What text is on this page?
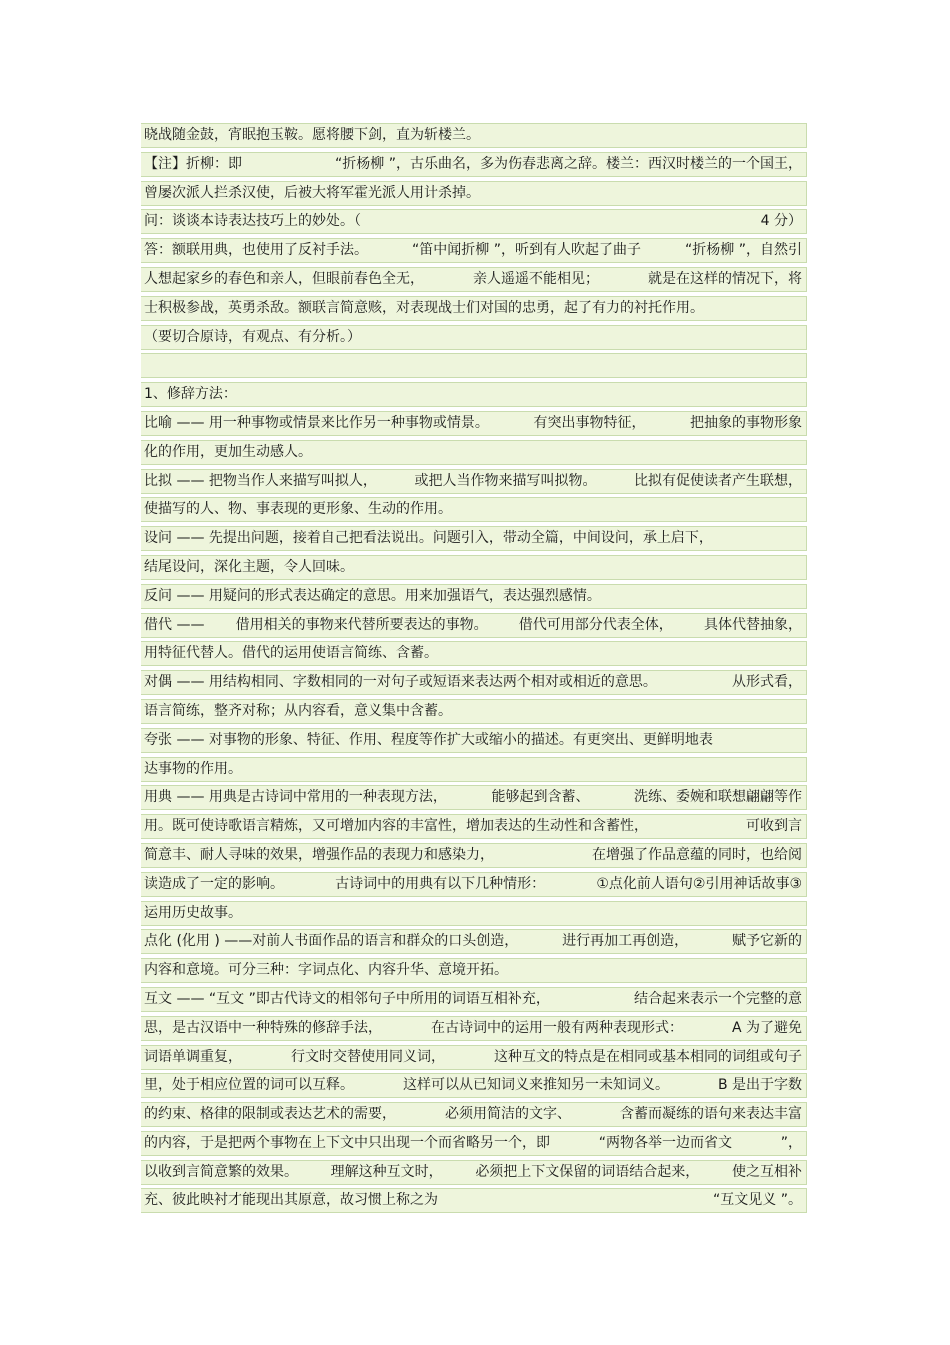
晓战随金鼓，宵眠抱玉鞍。愿将腰下剑，直为斩楼兰。
【注】折柳：即	“折杨柳 ”，古乐曲名，多为伤春悲离之辞。楼兰：西汉时楼兰的一个国王，
曾屡次派人拦杀汉使，后被大将军霍光派人用计杀掉。
问：谈谈本诗表达技巧上的妙处。（	4 分）
答：额联用典，也使用了反衬手法。	“笛中闻折柳 ”，听到有人吹起了曲子	“折杨柳 ”，自然引
人想起家乡的春色和亲人，但眼前春色全无，	亲人遥遥不能相见；	就是在这样的情况下，将
士积极参战，英勇杀敌。额联言简意赅，对表现战士们对国的忠勇，起了有力的衬托作用。
（要切合原诗，有观点、有分析。）
1、修辞方法：
比喻 —— 用一种事物或情景来比作另一种事物或情景。	有突出事物特征，	把抽象的事物形象
化的作用，更加生动感人。
比拟 —— 把物当作人来描写叫拟人，	或把人当作物来描写叫拟物。	比拟有促使读者产生联想，
使描写的人、物、事表现的更形象、生动的作用。
设问 —— 先提出问题，接着自己把看法说出。问题引入，带动全篇，中间设问，承上启下，
结尾设问，深化主题，令人回味。
反问 —— 用疑问的形式表达确定的意思。用来加强语气，表达强烈感情。
借代 —— 借用相关的事物来代替所要表达的事物。 借代可用部分代表全体， 具体代替抽象，
用特征代替人。借代的运用使语言简练、含蓄。
对偶 —— 用结构相同、字数相同的一对句子或短语来表达两个相对或相近的意思。	从形式看，
语言简练，整齐对称；从内容看，意义集中含蓄。
夸张 —— 对事物的形象、特征、作用、程度等作扩大或缩小的描述。有更突出、更鲜明地表
达事物的作用。
用典 —— 用典是古诗词中常用的一种表现方法，	能够起到含蓄、	洗练、委婉和联想翩翩等作
用。既可使诗歌语言精炼，又可增加内容的丰富性，增加表达的生动性和含蓄性，	可收到言
简意丰、耐人寻味的效果，增强作品的表现力和感染力，	在增强了作品意蕴的同时，也给阅
读造成了一定的影响。	古诗词中的用典有以下几种情形：	①点化前人语句②引用神话故事③
运用历史故事。
点化 (化用 ) ——对前人书面作品的语言和群众的口头创造，	进行再加工再创造，	赋予它新的
内容和意境。可分三种：字词点化、内容升华、意境开拓。
互文 —— “互文 ”即古代诗文的相邻句子中所用的词语互相补充，	结合起来表示一个完整的意
思，是古汉语中一种特殊的修辞手法，	在古诗词中的运用一般有两种表现形式：	A 为了避免
词语单调重复，	行文时交替使用同义词，	这种互文的特点是在相同或基本相同的词组或句子
里，处于相应位置的词可以互释。	这样可以从已知词义来推知另一未知词义。	B 是出于字数
的约束、格律的限制或表达艺术的需要，	必须用简洁的文字、	含蓄而凝练的语句来表达丰富
的内容，于是把两个事物在上下文中只出现一个而省略另一个，即	“两物各举一边而省文	”，
以收到言简意繁的效果。 理解这种互文时， 必须把上下文保留的词语结合起来， 使之互相补
充、彼此映衬才能现出其原意，故习惯上称之为	“互文见义 ”。
